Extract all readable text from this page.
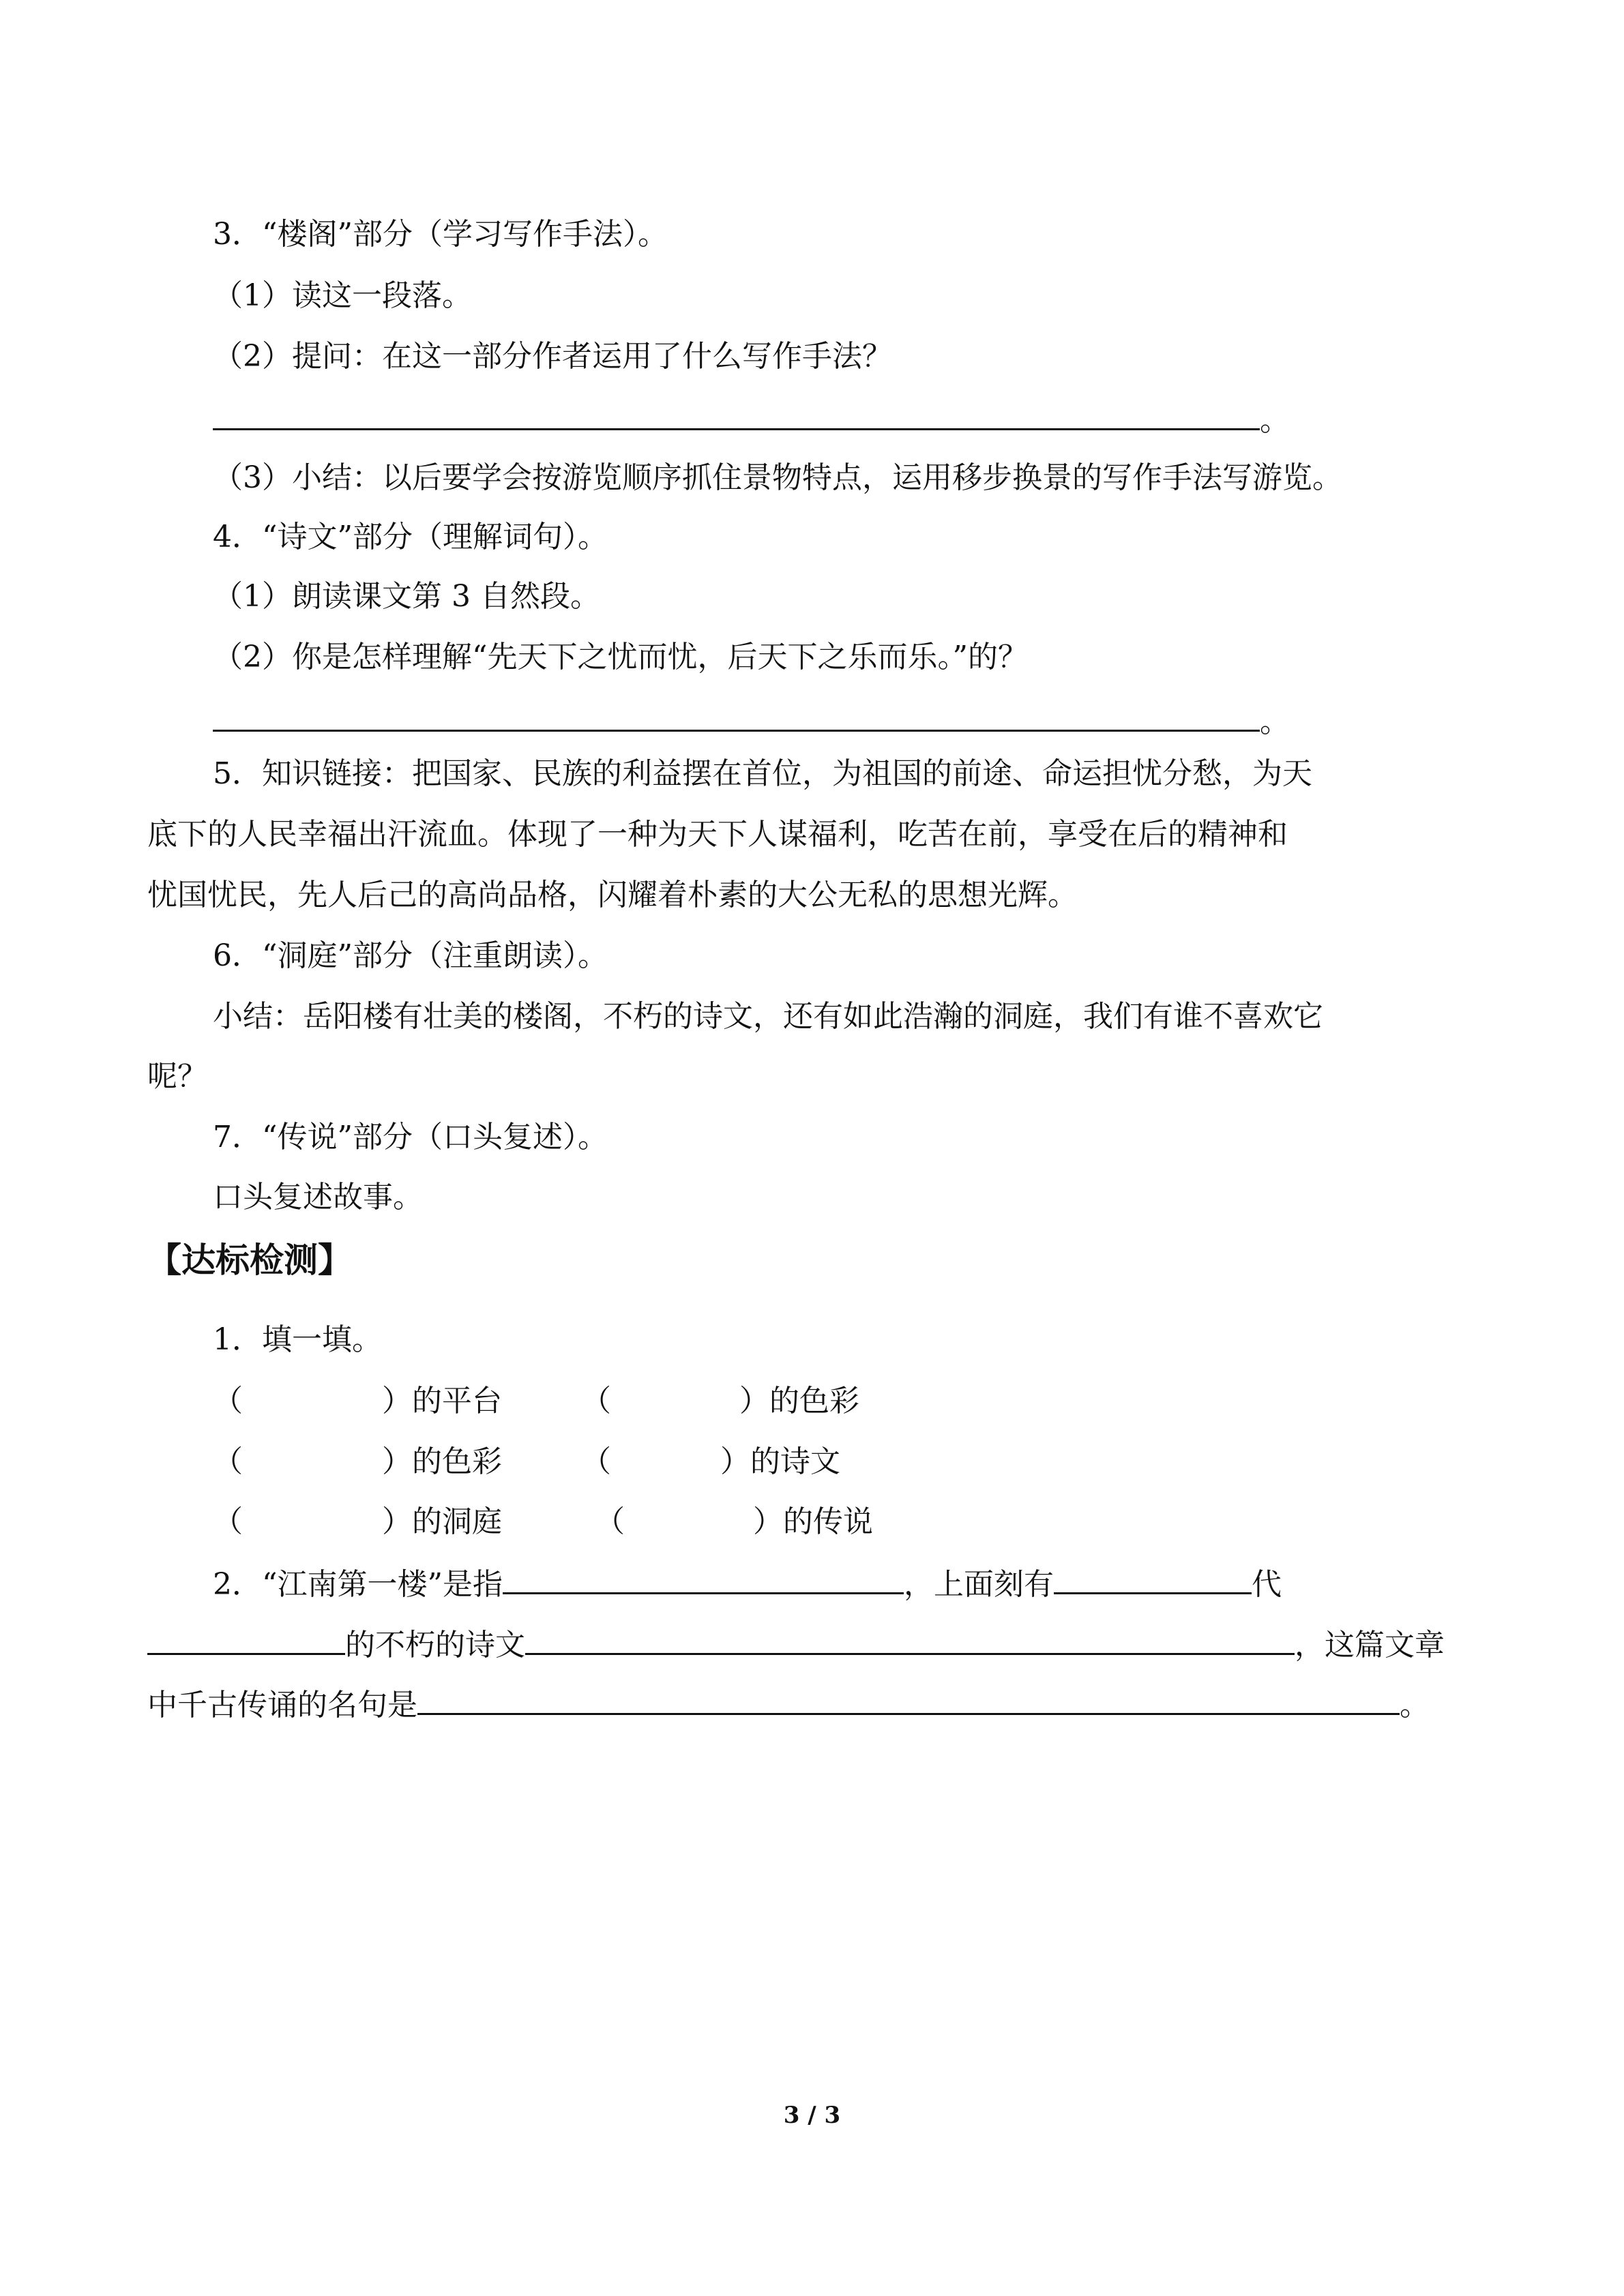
3．“楼阁”部分（学习写作手法）。
（1）读这一段落。
（2）提问：在这一部分作者运用了什么写作手法？
。
（3）小结：以后要学会按游览顺序抓住景物特点，运用移步换景的写作手法写游览。
4．“诗文”部分（理解词句）。
（1）朗读课文第 3 自然段。
（2）你是怎样理解“先天下之忧而忧，后天下之乐而乐。”的？
。
5．知识链接：把国家、民族的利益摆在首位，为祖国的前途、命运担忧分愁，为天
底下的人民幸福出汗流血。体现了一种为天下人谋福利，吃苦在前，享受在后的精神和
忧国忧民，先人后己的高尚品格，闪耀着朴素的大公无私的思想光辉。
6．“洞庭”部分（注重朗读）。
小结：岳阳楼有壮美的楼阁，不朽的诗文，还有如此浩瀚的洞庭，我们有谁不喜欢它
呢？
7．“传说”部分（口头复述）。
口头复述故事。
【达标检测】
1．填一填。
（	）的平台	（	）的色彩
（	）的色彩	（	）的诗文
（	）的洞庭	（	）的传说
2．“江南第一楼”是指	，上面刻有	代
的不朽的诗文	，这篇文章
中千古传诵的名句是	。
3 / 3
